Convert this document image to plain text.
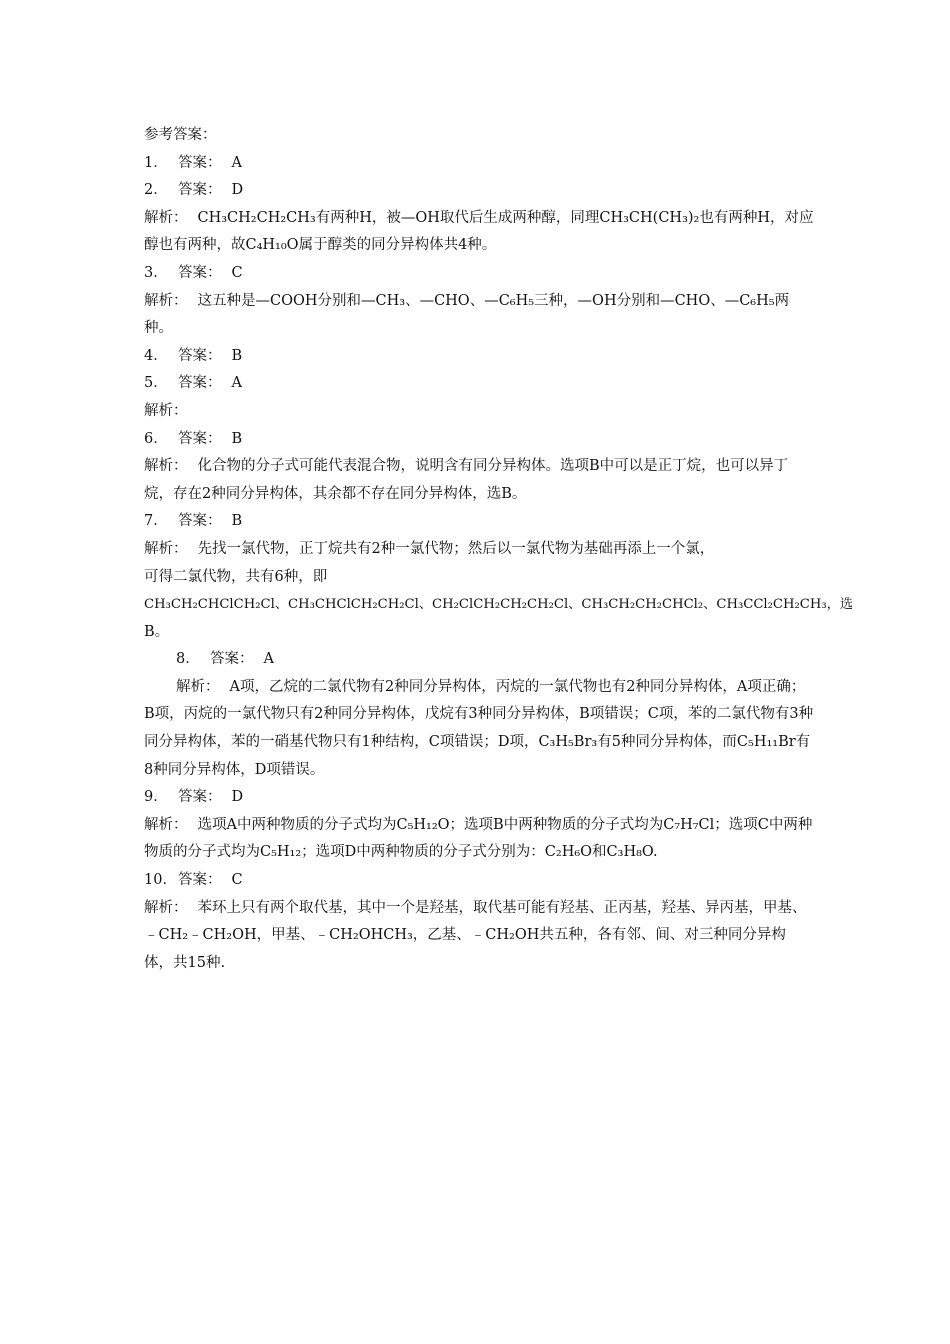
参考答案：
1． 答案： A
2． 答案： D
解析： CH₃CH₂CH₂CH₃有两种H，被—OH取代后生成两种醇，同理CH₃CH(CH₃)₂也有两种H，对应醇也有两种，故C₄H₁₀O属于醇类的同分异构体共4种。
3． 答案： C
解析： 这五种是—COOH分别和—CH₃、—CHO、—C₆H₅三种，—OH分别和—CHO、—C₆H₅两种。
4． 答案： B
5． 答案： A
解析：
6． 答案： B
解析： 化合物的分子式可能代表混合物，说明含有同分异构体。选项B中可以是正丁烷，也可以异丁烷，存在2种同分异构体，其余都不存在同分异构体，选B。
7． 答案： B
解析： 先找一氯代物，正丁烷共有2种一氯代物；然后以一氯代物为基础再添上一个氯，
可得二氯代物，共有6种，即
CH₃CH₂CHClCH₂Cl、CH₃CHClCH₂CH₂Cl、CH₂ClCH₂CH₂CH₂Cl、CH₃CH₂CH₂CHCl₂、CH₃CCl₂CH₂CH₃，选
B。
8． 答案： A
解析： A项，乙烷的二氯代物有2种同分异构体，丙烷的一氯代物也有2种同分异构体，A项正确；B项，丙烷的一氯代物只有2种同分异构体，戊烷有3种同分异构体，B项错误；C项，苯的二氯代物有3种同分异构体，苯的一硝基代物只有1种结构，C项错误；D项，C₃H₅Br₃有5种同分异构体，而C₅H₁₁Br有8种同分异构体，D项错误。
9． 答案： D
解析： 选项A中两种物质的分子式均为C₅H₁₂O；选项B中两种物质的分子式均为C₇H₇Cl；选项C中两种物质的分子式均为C₅H₁₂；选项D中两种物质的分子式分别为：C₂H₆O和C₃H₈O.
10．答案： C
解析： 苯环上只有两个取代基，其中一个是羟基，取代基可能有羟基、正丙基，羟基、异丙基，甲基、﹣CH₂﹣CH₂OH，甲基、﹣CH₂OHCH₃，乙基、﹣CH₂OH共五种，各有邻、间、对三种同分异构体，共15种.
